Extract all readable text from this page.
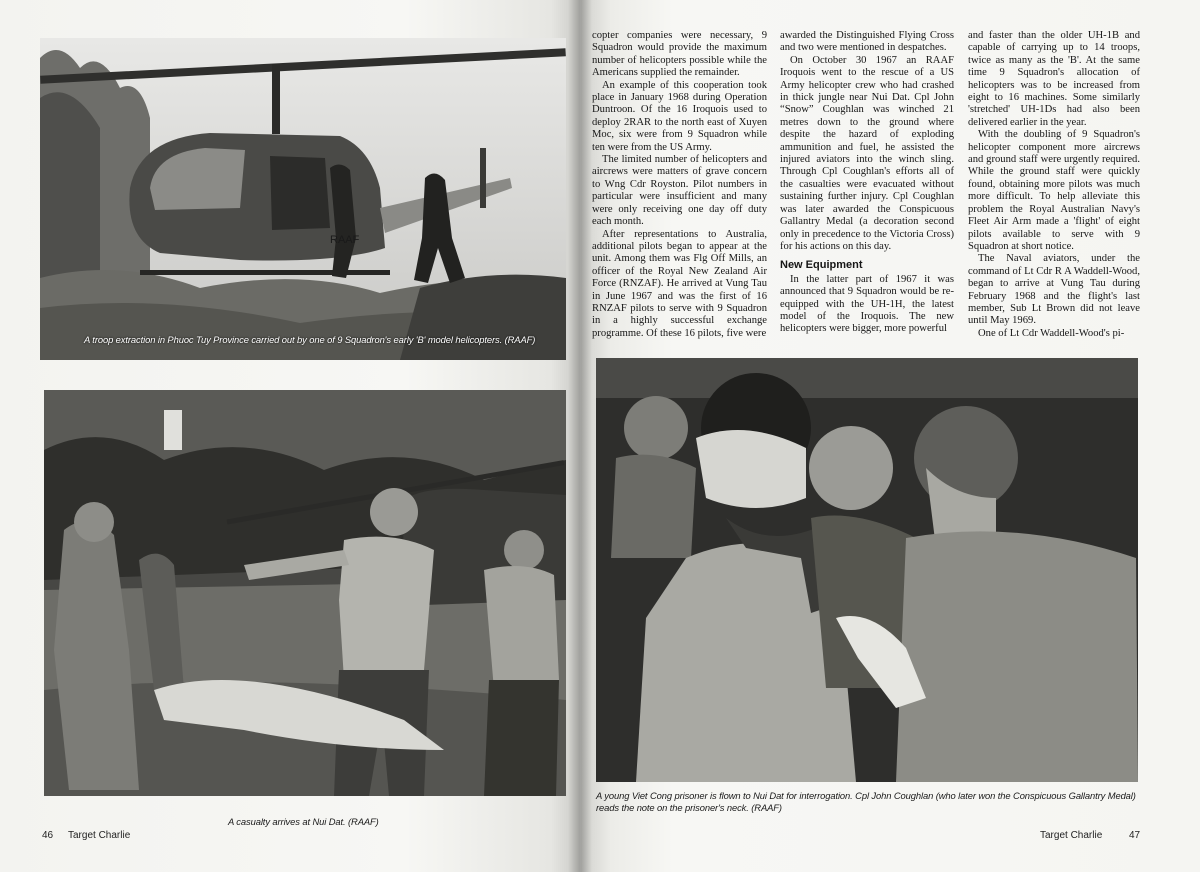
RAAF
A troop extraction in Phuoc Tuy Province carried out by one of 9 Squadron's early 'B' model helicopters. (RAAF)
A casualty arrives at Nui Dat. (RAAF)
46 Target Charlie

copter companies were necessary, 9 Squadron would provide the maximum number of helicopters possible while the Americans supplied the remainder.

An example of this cooperation took place in January 1968 during Operation Duntroon. Of the 16 Iroquois used to deploy 2RAR to the north east of Xuyen Moc, six were from 9 Squadron while ten were from the US Army.

The limited number of helicopters and aircrews were matters of grave concern to Wng Cdr Royston. Pilot numbers in particular were insufficient and many were only receiving one day off duty each month.

After representations to Australia, additional pilots began to appear at the unit. Among them was Flg Off Mills, an officer of the Royal New Zealand Air Force (RNZAF). He arrived at Vung Tau in June 1967 and was the first of 16 RNZAF pilots to serve with 9 Squadron in a highly successful exchange programme. Of these 16 pilots, five were

awarded the Distinguished Flying Cross and two were mentioned in despatches.

On October 30 1967 an RAAF Iroquois went to the rescue of a US Army helicopter crew who had crashed in thick jungle near Nui Dat. Cpl John “Snow” Coughlan was winched 21 metres down to the ground where despite the hazard of exploding ammunition and fuel, he assisted the injured aviators into the winch sling. Through Cpl Coughlan's efforts all of the casualties were evacuated without sustaining further injury. Cpl Coughlan was later awarded the Conspicuous Gallantry Medal (a decoration second only in precedence to the Victoria Cross) for his actions on this day.

New Equipment

In the latter part of 1967 it was announced that 9 Squadron would be re-equipped with the UH-1H, the latest model of the Iroquois. The new helicopters were bigger, more powerful

and faster than the older UH-1B and capable of carrying up to 14 troops, twice as many as the 'B'. At the same time 9 Squadron's allocation of helicopters was to be increased from eight to 16 machines. Some similarly 'stretched' UH-1Ds had also been delivered earlier in the year.

With the doubling of 9 Squadron's helicopter component more aircrews and ground staff were urgently required. While the ground staff were quickly found, obtaining more pilots was much more difficult. To help alleviate this problem the Royal Australian Navy's Fleet Air Arm made a 'flight' of eight pilots available to serve with 9 Squadron at short notice.

The Naval aviators, under the command of Lt Cdr R A Waddell-Wood, began to arrive at Vung Tau during February 1968 and the flight's last member, Sub Lt Brown did not leave until May 1969.

One of Lt Cdr Waddell-Wood's pi-

A young Viet Cong prisoner is flown to Nui Dat for interrogation. Cpl John Coughlan (who later won the Conspicuous Gallantry Medal) reads the note on the prisoner's neck. (RAAF)
Target Charlie	47
